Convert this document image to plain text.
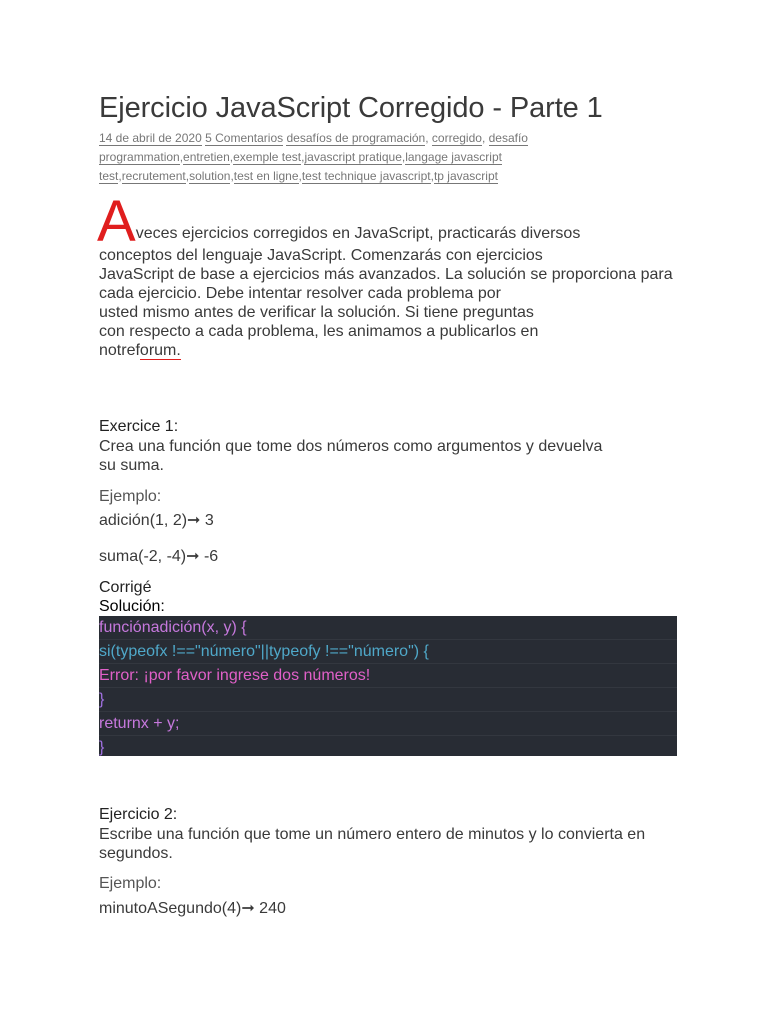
Ejercicio JavaScript Corregido - Parte 1
14 de abril de 2020 5 Comentarios desafíos de programación, corregido, desafío programmation,entretien,exemple test,javascript pratique,langage javascript test,recrutement,solution,test en ligne,test technique javascript,tp javascript
A veces ejercicios corregidos en JavaScript, practicarás diversos

conceptos del lenguaje JavaScript. Comenzarás con ejercicios

JavaScript de base a ejercicios más avanzados. La solución se proporciona para

cada ejercicio. Debe intentar resolver cada problema por

usted mismo antes de verificar la solución. Si tiene preguntas

con respecto a cada problema, les animamos a publicarlos en

notreforum.

Exercice 1:
Crea una función que tome dos números como argumentos y devuelva
su suma.
Ejemplo:
adición(1, 2)➞ 3
suma(-2, -4)➞ -6
Corrigé
Solución:
funciónadición(x, y) {
si(typeofx !=="número"||typeofy !=="número") {
Error: ¡por favor ingrese dos números!
}
returnx + y;
}
Ejercicio 2:
Escribe una función que tome un número entero de minutos y lo convierta en
segundos.
Ejemplo:
minutoASegundo(4)➞ 240
